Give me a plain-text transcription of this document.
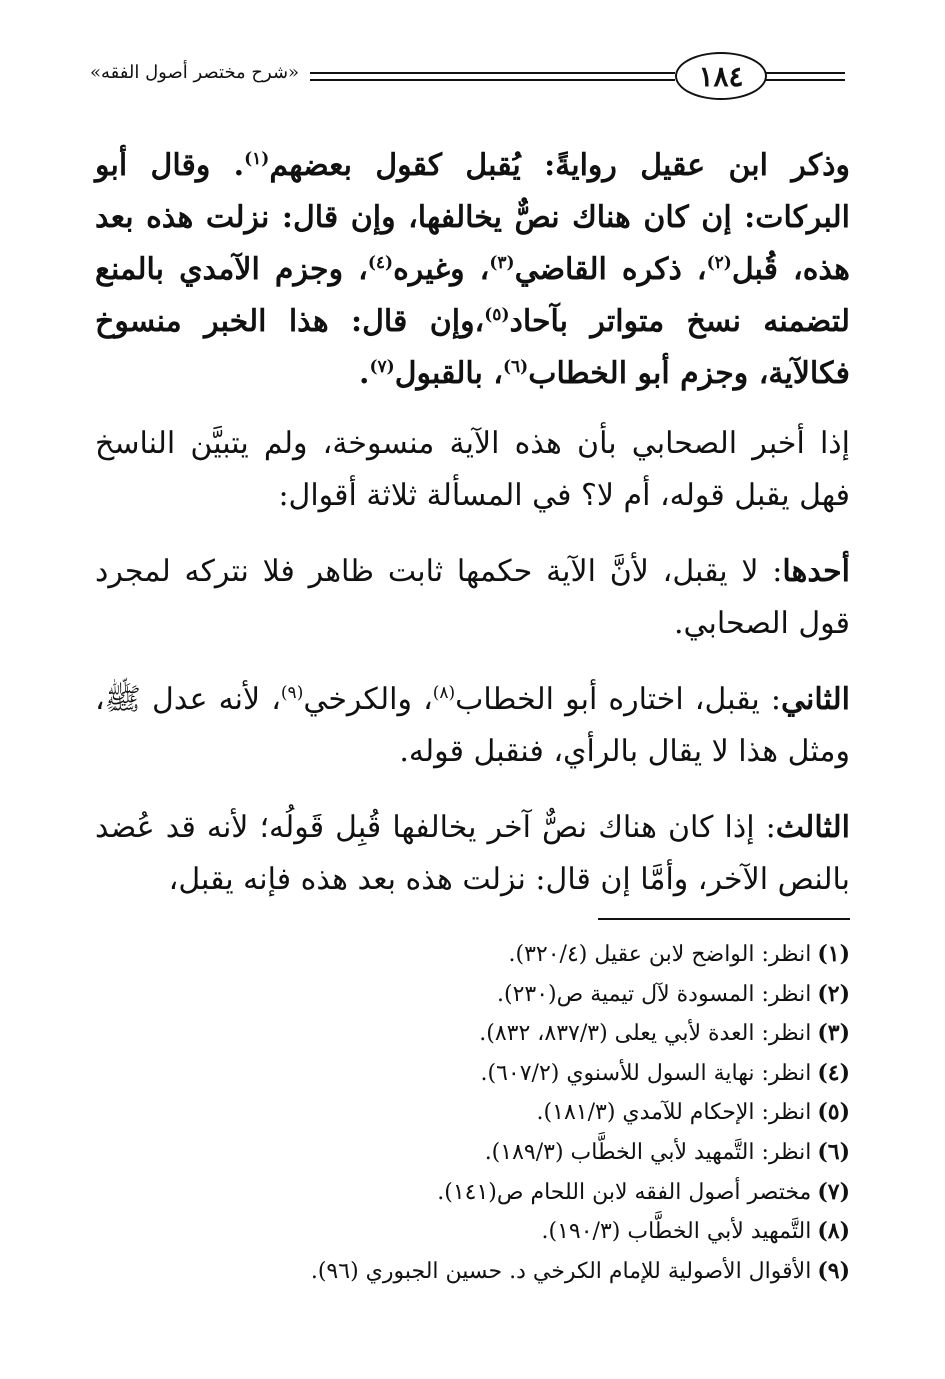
١٨٤
«شرح مختصر أصول الفقه»
وذكر ابن عقيل روايةً: يُقبل كقول بعضهم$^{(١)}$. وقال أبو البركات: إن كان هناك نصٌّ يخالفها، وإن قال: نزلت هذه بعد هذه، قُبل$^{(٢)}$، ذكره القاضي$^{(٣)}$، وغيره$^{(٤)}$، وجزم الآمدي بالمنع لتضمنه نسخ متواتر بآحاد$^{(٥)}$،وإن قال: هذا الخبر منسوخ فكالآية، وجزم أبو الخطاب$^{(٦)}$، بالقبول$^{(٧)}$.

إذا أخبر الصحابي بأن هذه الآية منسوخة، ولم يتبيَّن الناسخ فهل يقبل قوله، أم لا؟ في المسألة ثلاثة أقوال:

أحدها: لا يقبل، لأنَّ الآية حكمها ثابت ظاهر فلا نتركه لمجرد قول الصحابي.

الثاني: يقبل، اختاره أبو الخطاب$^{(٨)}$، والكرخي$^{(٩)}$، لأنه عدل ﷺ، ومثل هذا لا يقال بالرأي، فنقبل قوله.

الثالث: إذا كان هناك نصٌّ آخر يخالفها قُبِل قَولُه؛ لأنه قد عُضد بالنص الآخر، وأمَّا إن قال: نزلت هذه بعد هذه فإنه يقبل،

(١)انظر: الواضح لابن عقيل (٣٢٠/٤).
(٢)انظر: المسودة لآل تيمية ص(٢٣٠).
(٣)انظر: العدة لأبي يعلى (٨٣٧/٣، ٨٣٢).
(٤)انظر: نهاية السول للأسنوي (٦٠٧/٢).
(٥)انظر: الإحكام للآمدي (١٨١/٣).
(٦)انظر: التَّمهيد لأبي الخطَّاب (١٨٩/٣).
(٧)مختصر أصول الفقه لابن اللحام ص(١٤١).
(٨)التَّمهيد لأبي الخطَّاب (١٩٠/٣).
(٩)الأقوال الأصولية للإمام الكرخي د. حسين الجبوري (٩٦).
